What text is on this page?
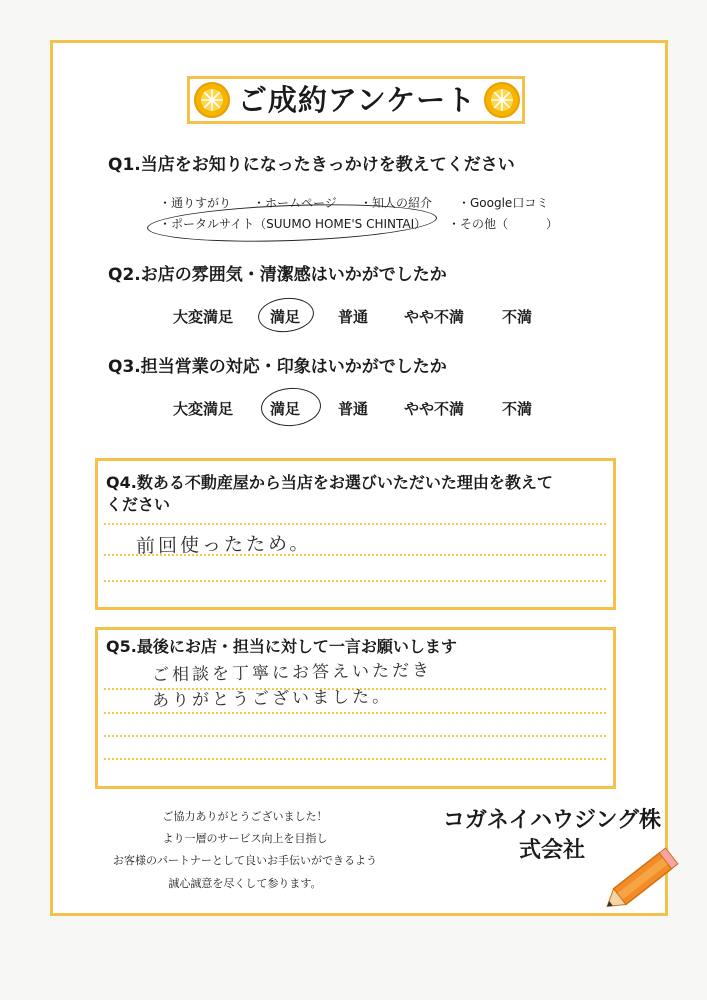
ご成約アンケート
Q1.当店をお知りになったきっかけを教えてください
・通りすがり ・ホームページ ・知人の紹介 ・Google口コミ
・ポータルサイト（SUUMO HOME'S CHINTAI） ・その他（	）
Q2.お店の雰囲気・清潔感はいかがでしたか
大変満足 満足	普通 やや不満	不満
Q3.担当営業の対応・印象はいかがでしたか
大変満足 満足	普通 やや不満	不満
Q4.数ある不動産屋から当店をお選びいただいた理由を教えて
ください
前回使ったため。
Q5.最後にお店・担当に対して一言お願いします
ご相談を丁寧にお答えいただき
ありがとうございました。
ご協力ありがとうございました！
より一層のサービス向上を目指し
お客様のパートナーとして良いお手伝いができるよう
誠心誠意を尽くして参ります。
コガネイハウジング株
式会社
